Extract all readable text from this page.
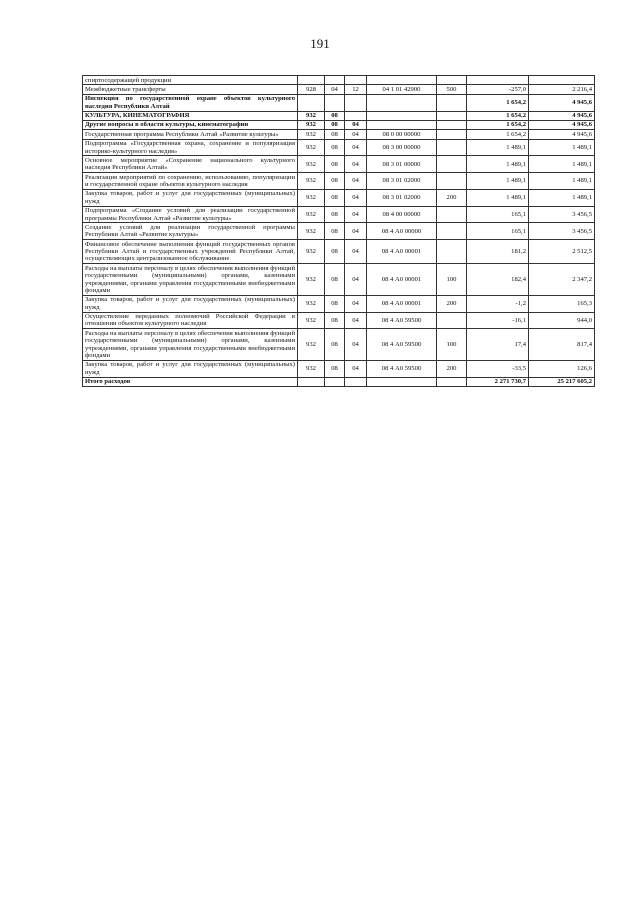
191
спиртосодержащей продукции							
Межбюджетные трансферты	928	04	12	04 1 01 42900	500	-257,0	2 216,4
Инспекция по государственной охране объектов культурного наследия Республики Алтай						1 654,2	4 945,6
КУЛЬТУРА, КИНЕМАТОГРАФИЯ	932	08				1 654,2	4 945,6
Другие вопросы в области культуры, кинематографии	932	08	04			1 654,2	4 945,6
Государственная программа Республики Алтай «Развитие культуры»	932	08	04	08 0 00 00000		1 654,2	4 945,6
Подпрограмма «Государственная охрана, сохранение и популяризация историко-культурного наследия»	932	08	04	08 3 00 00000		1 489,1	1 489,1
Основное мероприятие «Сохранение национального культурного наследия Республики Алтай»	932	08	04	08 3 01 00000		1 489,1	1 489,1
Реализация мероприятий по сохранению, использованию, популяризации и государственной охране объектов культурного наследия	932	08	04	08 3 01 02000		1 489,1	1 489,1
Закупка товаров, работ и услуг для государственных (муниципальных) нужд	932	08	04	08 3 01 02000	200	1 489,1	1 489,1
Подпрограмма «Создание условий для реализации государственной программы Республики Алтай «Развитие культуры»	932	08	04	08 4 00 00000		165,1	3 456,5
Создание условий для реализации государственной программы Республики Алтай «Развитие культуры»	932	08	04	08 4 А0 00000		165,1	3 456,5
Финансовое обеспечение выполнения функций государственных органов Республики Алтай и государственных учреждений Республики Алтай, осуществляющих централизованное обслуживание	932	08	04	08 4 А0 00001		181,2	2 512,5
Расходы на выплаты персоналу в целях обеспечения выполнения функций государственными (муниципальными) органами, казенными учреждениями, органами управления государственными внебюджетными фондами	932	08	04	08 4 А0 00001	100	182,4	2 347,2
Закупка товаров, работ и услуг для государственных (муниципальных) нужд	932	08	04	08 4 А0 00001	200	-1,2	165,3
Осуществление переданных полномочий Российской Федерации в отношении объектов культурного наследия	932	08	04	08 4 А0 59500		-16,1	944,0
Расходы на выплаты персоналу в целях обеспечения выполнения функций государственными (муниципальными) органами, казенными учреждениями, органами управления государственными внебюджетными фондами	932	08	04	08 4 А0 59500	100	17,4	817,4
Закупка товаров, работ и услуг для государственных (муниципальных) нужд	932	08	04	08 4 А0 59500	200	-33,5	126,6
Итого расходов						2 271 730,7	25 217 605,2
